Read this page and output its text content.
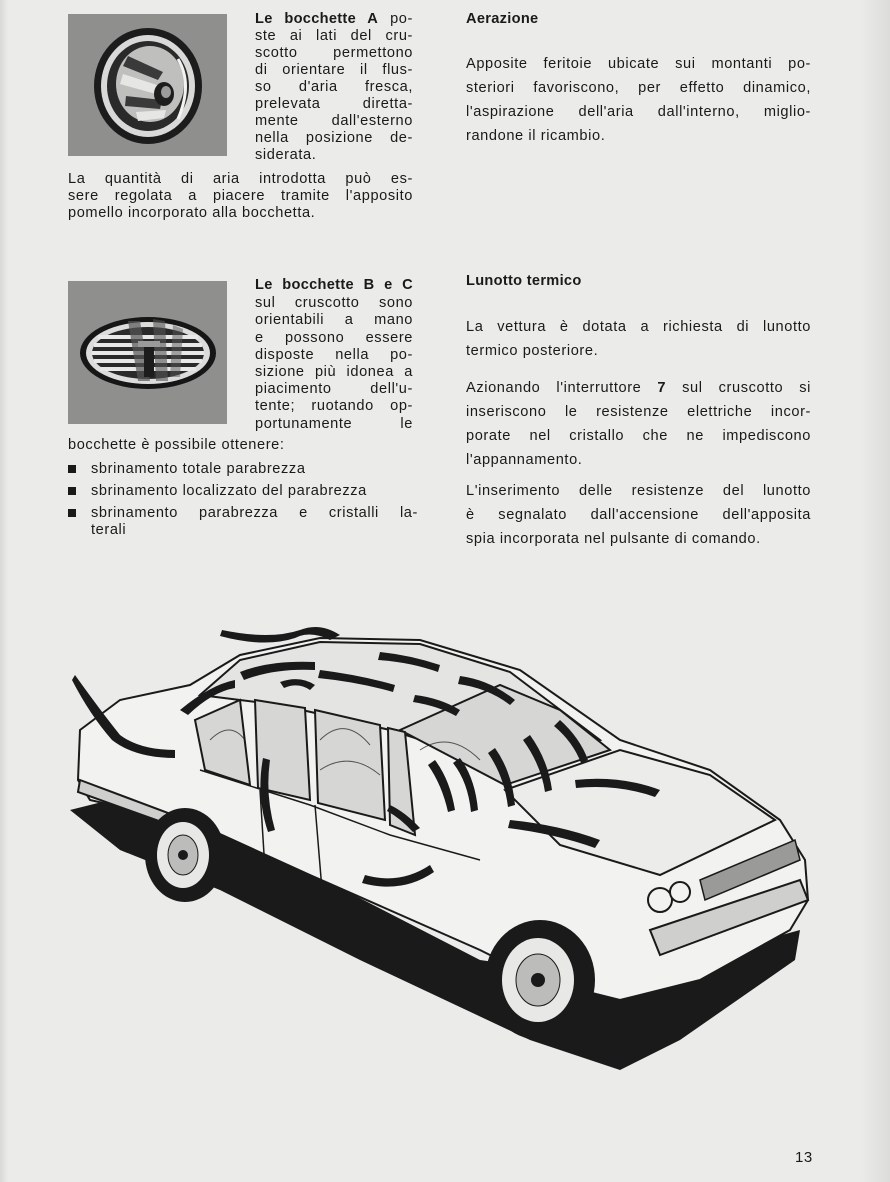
Le bocchette A po-
ste ai lati del cru-
scotto permettono
di orientare il flus-
so d'aria fresca,
prelevata diretta-
mente dall'esterno
nella posizione de-
siderata.
La quantità di aria introdotta può es-
sere regolata a piacere tramite l'apposito
pomello incorporato alla bocchetta.
Le bocchette B e C
sul cruscotto sono
orientabili a mano
e possono essere
disposte nella po-
sizione più idonea a
piacimento dell'u-
tente; ruotando op-
portunamente le
bocchette è possibile ottenere:
sbrinamento totale parabrezza
sbrinamento localizzato del parabrezza
sbrinamento parabrezza e cristalli la-
terali
Aerazione
Apposite feritoie ubicate sui montanti po-
steriori favoriscono, per effetto dinamico,
l'aspirazione dell'aria dall'interno, miglio-
randone il ricambio.
Lunotto termico
La vettura è dotata a richiesta di lunotto
termico posteriore.
Azionando l'interruttore 7 sul cruscotto si
inseriscono le resistenze elettriche incor-
porate nel cristallo che ne impediscono
l'appannamento.
L'inserimento delle resistenze del lunotto
è segnalato dall'accensione dell'apposita
spia incorporata nel pulsante di comando.
13
